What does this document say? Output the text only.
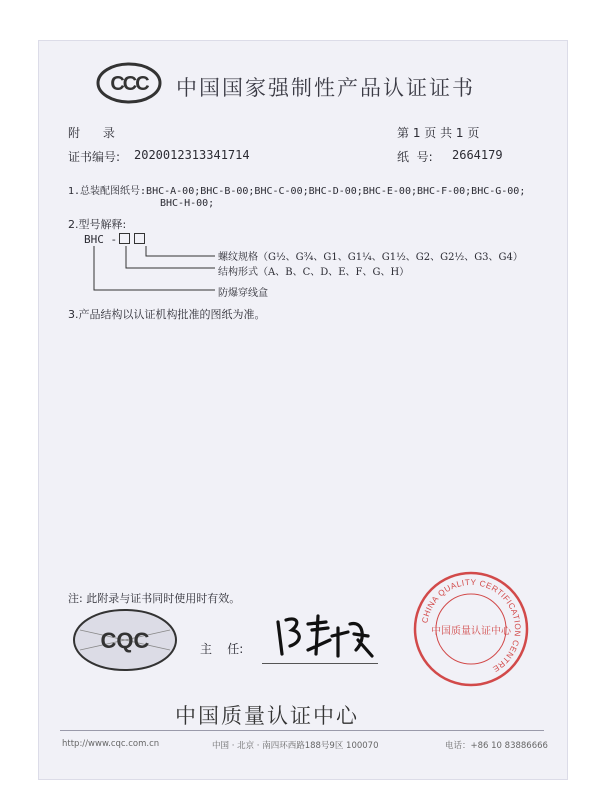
CCC 中国国家强制性产品认证证书
附      录	第 1 页 共 1 页
证书编号: 2020012313341714	纸  号: 2664179
1.总装配图纸号:BHC-A-00;BHC-B-00;BHC-C-00;BHC-D-00;BHC-E-00;BHC-F-00;BHC-G-00;
BHC-H-00;
2.型号解释:
BHC -
螺纹规格（G½、G¾、G1、G1¼、G1½、G2、G2½、G3、G4）
结构形式（A、B、C、D、E、F、G、H）
防爆穿线盒
3.产品结构以认证机构批准的图纸为准。
注: 此附录与证书同时使用时有效。
CQC	主    任:
CHINA QUALITY CERTIFICATION CENTRE
中国质量认证中心
中国质量认证中心
http://www.cqc.com.cn	中国 · 北京 · 南四环西路188号9区 100070	电话：+86 10 83886666
